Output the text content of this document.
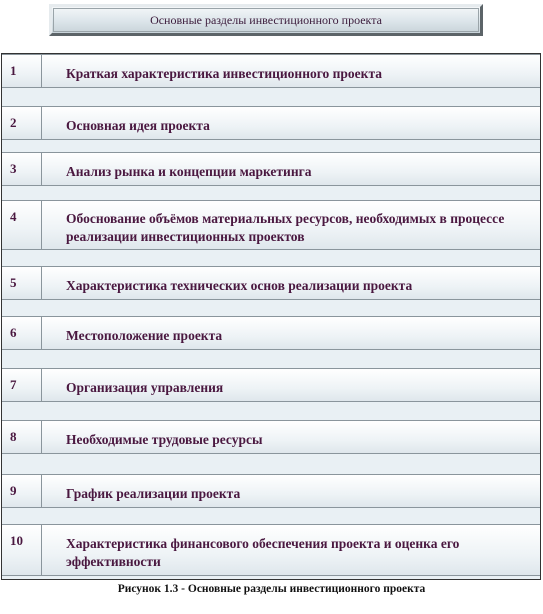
Основные разделы инвестиционного проекта
1	Краткая характеристика инвестиционного проекта
2	Основная идея проекта
3	Анализ рынка и концепции маркетинга
4	Обоснование объёмов материальных ресурсов, необходимых в процессе реализации инвестиционных проектов
5	Характеристика технических основ реализации проекта
6	Местоположение проекта
7	Организация управления
8	Необходимые трудовые ресурсы
9	График реализации проекта
10	Характеристика финансового обеспечения проекта и оценка его эффективности
Рисунок 1.3 - Основные разделы инвестиционного проекта
